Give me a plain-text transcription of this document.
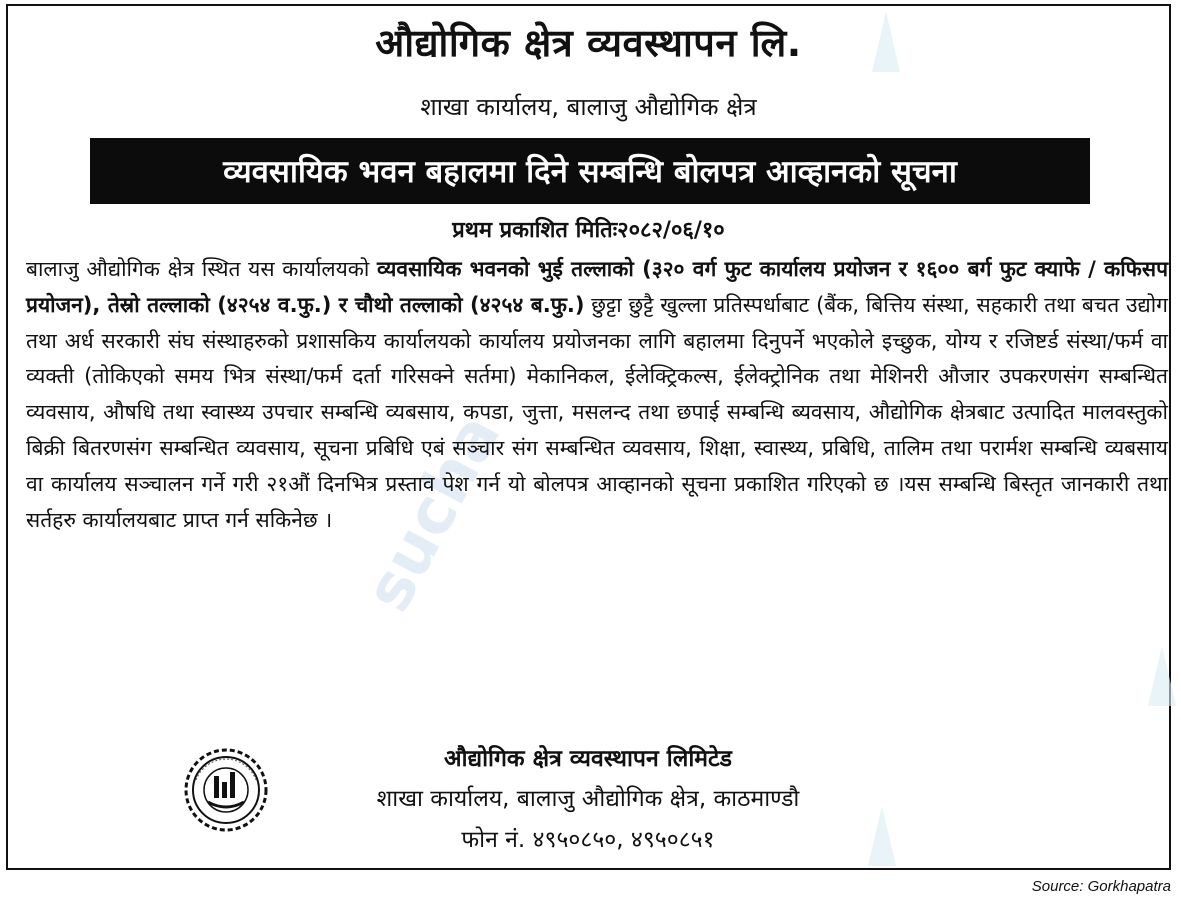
sucha
औद्योगिक क्षेत्र व्यवस्थापन लि.
शाखा कार्यालय, बालाजु औद्योगिक क्षेत्र
व्यवसायिक भवन बहालमा दिने सम्बन्धि बोलपत्र आव्हानको सूचना
प्रथम प्रकाशित मितिः२०८२/०६/१०
बालाजु औद्योगिक क्षेत्र स्थित यस कार्यालयको व्यवसायिक भवनको भुई तल्लाको (३२० वर्ग फुट कार्यालय प्रयोजन र १६०० बर्ग फुट क्याफे / कफिसप प्रयोजन), तेस्रो तल्लाको (४२५४ व.फु.) र चौथो तल्लाको (४२५४ ब.फु.) छुट्टा छुट्टै खुल्ला प्रतिस्पर्धाबाट (बैंक, बित्तिय संस्था, सहकारी तथा बचत उद्योग तथा अर्ध सरकारी संघ संस्थाहरुको प्रशासकिय कार्यालयको कार्यालय प्रयोजनका लागि बहालमा दिनुपर्ने भएकोले इच्छुक, योग्य र रजिष्टर्ड संस्था/फर्म वा व्यक्ती (तोकिएको समय भित्र संस्था/फर्म दर्ता गरिसक्ने सर्तमा) मेकानिकल, ईलेक्ट्रिकल्स, ईलेक्ट्रोनिक तथा मेशिनरी औजार उपकरणसंग सम्बन्धित व्यवसाय, औषधि तथा स्वास्थ्य उपचार सम्बन्धि व्यबसाय, कपडा, जुत्ता, मसलन्द तथा छपाई सम्बन्धि ब्यवसाय, औद्योगिक क्षेत्रबाट उत्पादित मालवस्तुको बिक्री बितरणसंग सम्बन्धित व्यवसाय, सूचना प्रबिधि एबं सञ्चार संग सम्बन्धित व्यवसाय, शिक्षा, स्वास्थ्य, प्रबिधि, तालिम तथा परार्मश सम्बन्धि व्यबसाय वा कार्यालय सञ्चालन गर्ने गरी २१औं दिनभित्र प्रस्ताव पेश गर्न यो बोलपत्र आव्हानको सूचना प्रकाशित गरिएको छ ।यस सम्बन्धि बिस्तृत जानकारी तथा सर्तहरु कार्यालयबाट प्राप्त गर्न सकिनेछ ।
औद्योगिक क्षेत्र व्यवस्थापन लिमिटेड
शाखा कार्यालय, बालाजु औद्योगिक क्षेत्र, काठमाण्डौ
फोन नं. ४९५०८५०, ४९५०८५१
Source: Gorkhapatra
